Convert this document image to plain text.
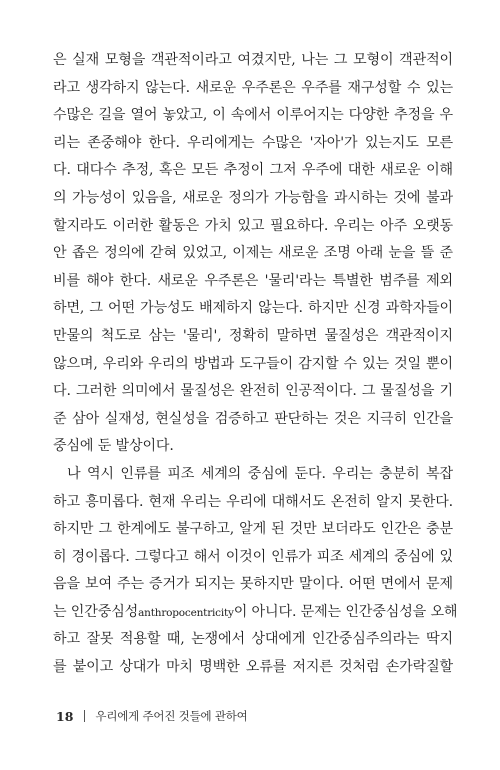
은 실재 모형을 객관적이라고 여겼지만, 나는 그 모형이 객관적이
라고 생각하지 않는다. 새로운 우주론은 우주를 재구성할 수 있는
수많은 길을 열어 놓았고, 이 속에서 이루어지는 다양한 추정을 우
리는 존중해야 한다. 우리에게는 수많은 '자아'가 있는지도 모른
다. 대다수 추정, 혹은 모든 추정이 그저 우주에 대한 새로운 이해
의 가능성이 있음을, 새로운 정의가 가능함을 과시하는 것에 불과
할지라도 이러한 활동은 가치 있고 필요하다. 우리는 아주 오랫동
안 좁은 정의에 갇혀 있었고, 이제는 새로운 조명 아래 눈을 뜰 준
비를 해야 한다. 새로운 우주론은 '물리'라는 특별한 범주를 제외
하면, 그 어떤 가능성도 배제하지 않는다. 하지만 신경 과학자들이
만물의 척도로 삼는 '물리', 정확히 말하면 물질성은 객관적이지
않으며, 우리와 우리의 방법과 도구들이 감지할 수 있는 것일 뿐이
다. 그러한 의미에서 물질성은 완전히 인공적이다. 그 물질성을 기
준 삼아 실재성, 현실성을 검증하고 판단하는 것은 지극히 인간을
중심에 둔 발상이다.
나 역시 인류를 피조 세계의 중심에 둔다. 우리는 충분히 복잡
하고 흥미롭다. 현재 우리는 우리에 대해서도 온전히 알지 못한다.
하지만 그 한계에도 불구하고, 알게 된 것만 보더라도 인간은 충분
히 경이롭다. 그렇다고 해서 이것이 인류가 피조 세계의 중심에 있
음을 보여 주는 증거가 되지는 못하지만 말이다. 어떤 면에서 문제
는 인간중심성anthropocentricity이 아니다. 문제는 인간중심성을 오해
하고 잘못 적용할 때, 논쟁에서 상대에게 인간중심주의라는 딱지
를 붙이고 상대가 마치 명백한 오류를 저지른 것처럼 손가락질할
18 우리에게 주어진 것들에 관하여
